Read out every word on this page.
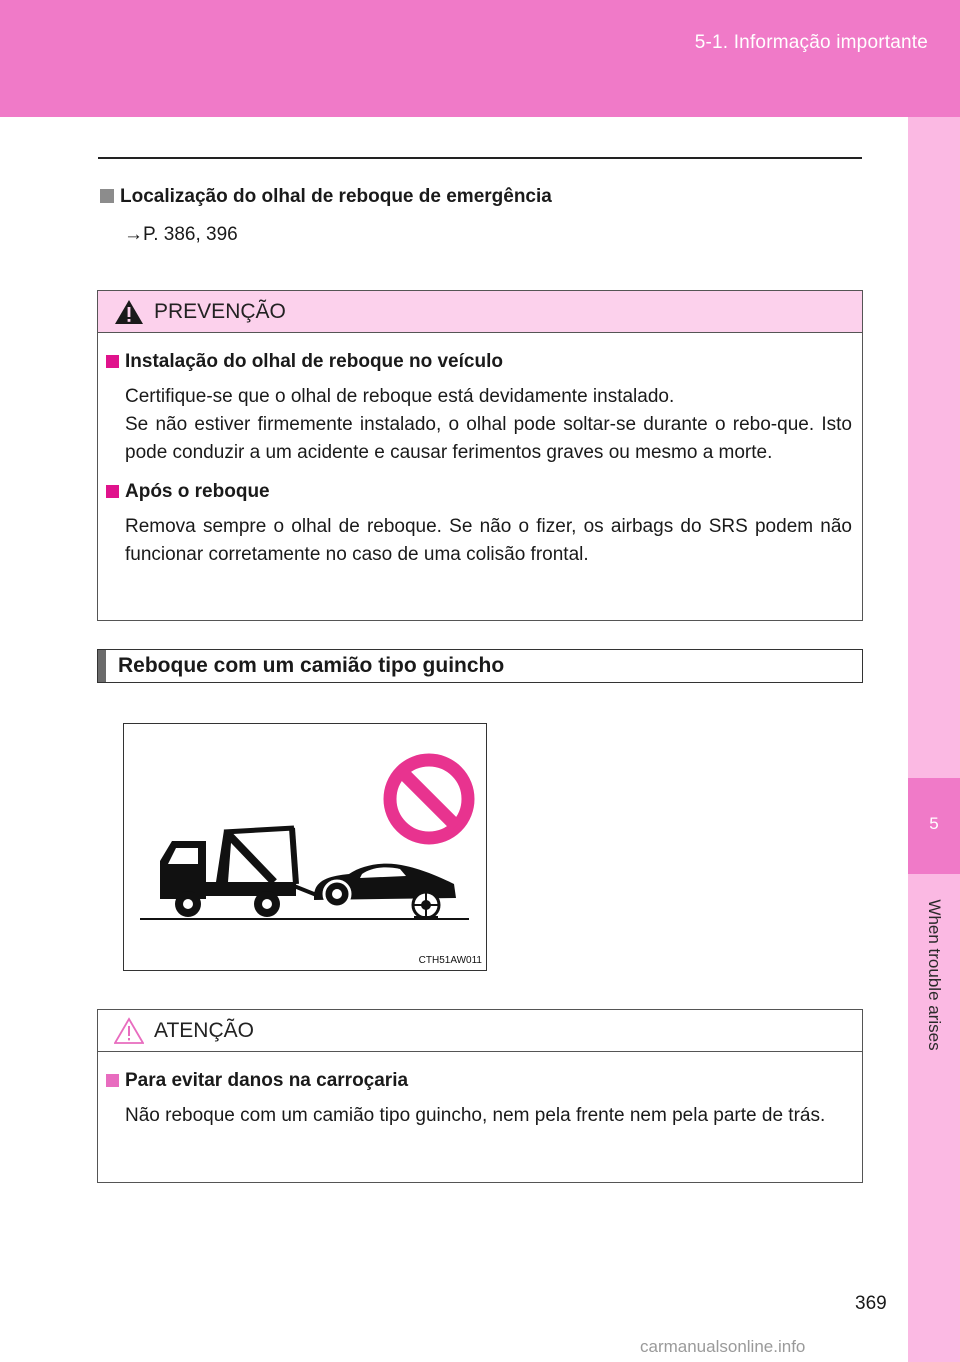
5-1. Informação importante
5
When trouble arises
Localização do olhal de reboque de emergência
→P. 386, 396
PREVENÇÃO
Instalação do olhal de reboque no veículo

Certifique-se que o olhal de reboque está devidamente instalado.

Se não estiver firmemente instalado, o olhal pode soltar-se durante o rebo-que. Isto pode conduzir a um acidente e causar ferimentos graves ou mesmo a morte.

Após o reboque

Remova sempre o olhal de reboque. Se não o fizer, os airbags do SRS podem não funcionar corretamente no caso de uma colisão frontal.

Reboque com um camião tipo guincho
CTH51AW011
ATENÇÃO
Para evitar danos na carroçaria

Não reboque com um camião tipo guincho, nem pela frente nem pela parte de trás.

369
carmanualsonline.info
